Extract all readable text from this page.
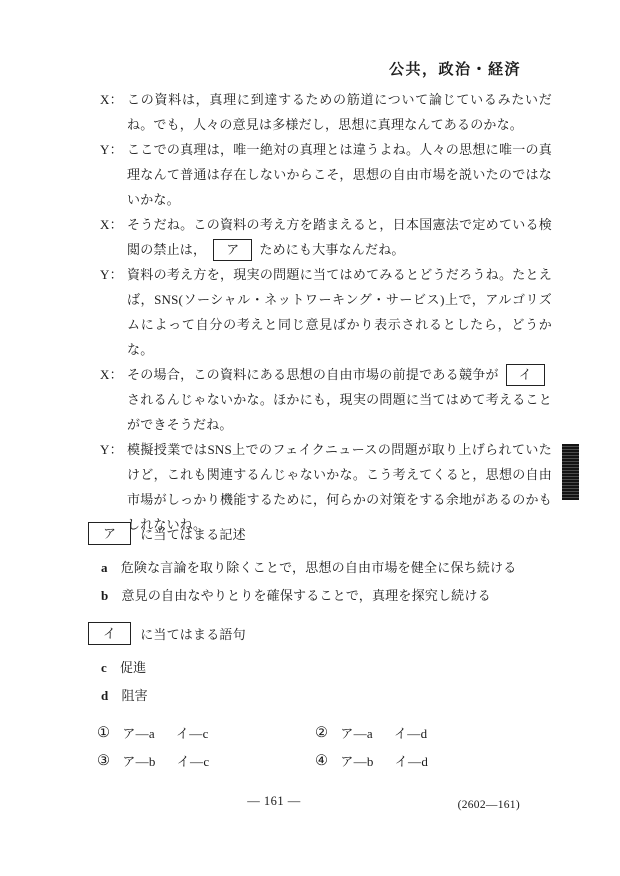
公共，政治・経済
X： この資料は，真理に到達するための筋道について論じているみたいだね。でも，人々の意見は多様だし，思想に真理なんてあるのかな。
Y： ここでの真理は，唯一絶対の真理とは違うよね。人々の思想に唯一の真理なんて普通は存在しないからこそ，思想の自由市場を説いたのではないかな。
X： そうだね。この資料の考え方を踏まえると，日本国憲法で定めている検閲の禁止は， ア ためにも大事なんだね。
Y： 資料の考え方を，現実の問題に当てはめてみるとどうだろうね。たとえば，SNS(ソーシャル・ネットワーキング・サービス)上で，アルゴリズムによって自分の考えと同じ意見ばかり表示されるとしたら，どうかな。
X： その場合，この資料にある思想の自由市場の前提である競争が イされるんじゃないかな。ほかにも，現実の問題に当てはめて考えることができそうだね。
Y： 模擬授業ではSNS上でのフェイクニュースの問題が取り上げられていたけど，これも関連するんじゃないかな。こう考えてくると，思想の自由市場がしっかり機能するために，何らかの対策をする余地があるのかもしれないね。
ア	に当てはまる記述
a 危険な言論を取り除くことで，思想の自由市場を健全に保ち続ける
b 意見の自由なやりとりを確保することで，真理を探究し続ける
イ	に当てはまる語句
c 促進
d 阻害
① ア―a イ―c	② ア―a イ―d
③ ア―b イ―c	④ ア―b イ―d
— 161 —	(2602—161)
